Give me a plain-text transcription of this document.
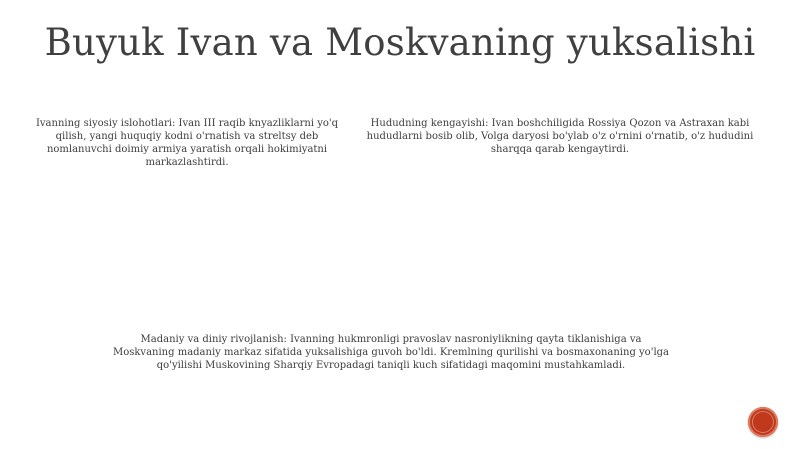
Buyuk Ivan va Moskvaning yuksalishi
Ivanning siyosiy islohotlari: Ivan III raqib knyazliklarni yo'q qilish, yangi huquqiy kodni o'rnatish va streltsy deb nomlanuvchi doimiy armiya yaratish orqali hokimiyatni markazlashtirdi.
Hududning kengayishi: Ivan boshchiligida Rossiya Qozon va Astraxan kabi hududlarni bosib olib, Volga daryosi bo'ylab o'z o'rnini o'rnatib, o'z hududini sharqqa qarab kengaytirdi.
Madaniy va diniy rivojlanish: Ivanning hukmronligi pravoslav nasroniylikning qayta tiklanishiga va Moskvaning madaniy markaz sifatida yuksalishiga guvoh bo'ldi. Kremlning qurilishi va bosmaxonaning yo'lga qo'yilishi Muskovining Sharqiy Evropadagi taniqli kuch sifatidagi maqomini mustahkamladi.
